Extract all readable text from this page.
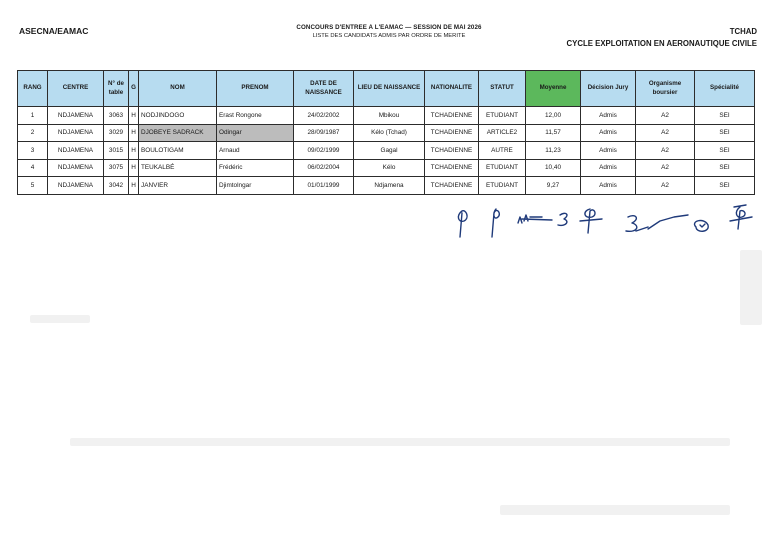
ASECNA/EAMAC	CONCOURS D'ENTREE A L'EAMAC — SESSION DE MAI 2026
LISTE DES CANDIDATS ADMIS PAR ORDRE DE MERITE	TCHAD
CYCLE EXPLOITATION EN AERONAUTIQUE CIVILE
RANG	CENTRE	N° de table	G	NOM	PRENOM	DATE DE NAISSANCE	LIEU DE NAISSANCE	NATIONALITE	STATUT	Moyenne	Décision Jury	Organisme boursier	Spécialité
1	NDJAMENA	3063	H	NODJINDOGO	Erast Rongone	24/02/2002	Mbikou	TCHADIENNE	ETUDIANT	12,00	Admis	A2	SEI
2	NDJAMENA	3029	H	DJOBEYE SADRACK	Odingar	28/09/1987	Kélo (Tchad)	TCHADIENNE	ARTICLE2	11,57	Admis	A2	SEI
3	NDJAMENA	3015	H	BOULOTIGAM	Arnaud	09/02/1999	Gagal	TCHADIENNE	AUTRE	11,23	Admis	A2	SEI
4	NDJAMENA	3075	H	TEUKALBÉ	Frédéric	06/02/2004	Kélo	TCHADIENNE	ETUDIANT	10,40	Admis	A2	SEI
5	NDJAMENA	3042	H	JANVIER	Djimtolngar	01/01/1999	Ndjamena	TCHADIENNE	ETUDIANT	9,27	Admis	A2	SEI
